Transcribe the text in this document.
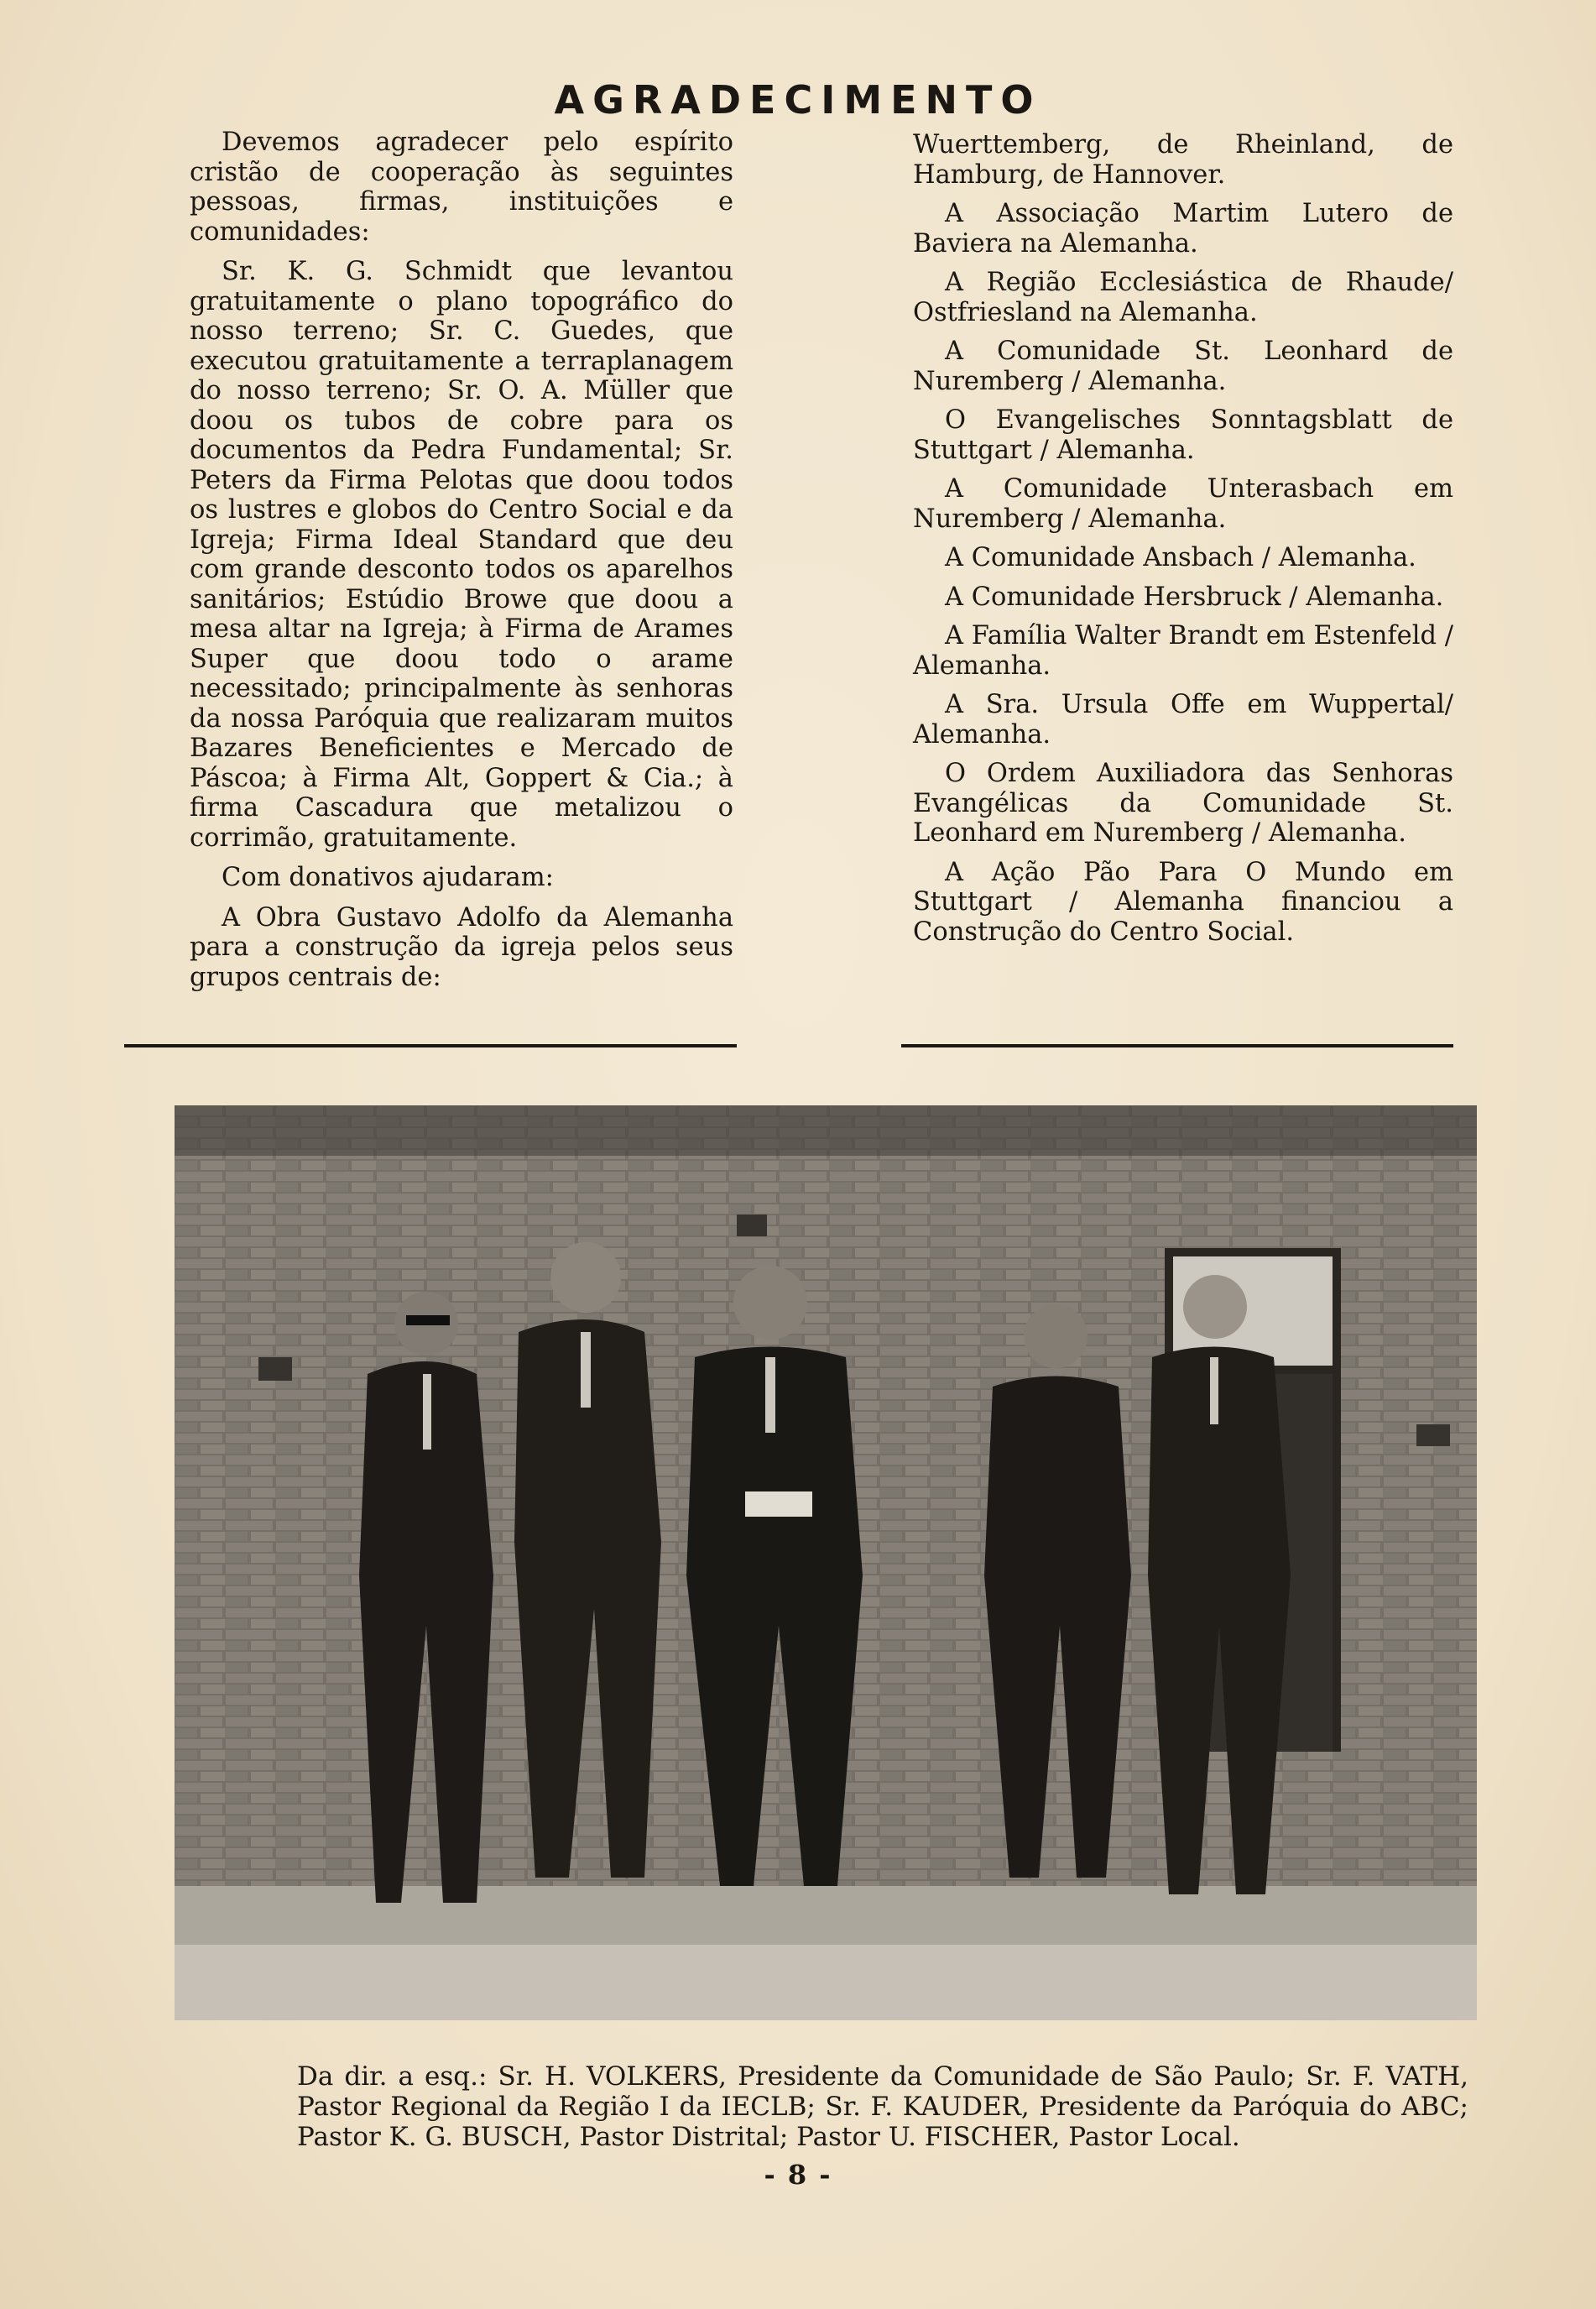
AGRADECIMENTO

Devemos agradecer pelo espírito cristão de cooperação às seguintes pessoas, firmas, instituições e comunidades:

Sr. K. G. Schmidt que levantou gratuitamente o plano topográfico do nosso terreno; Sr. C. Guedes, que executou gratuitamente a terraplanagem do nosso terreno; Sr. O. A. Müller que doou os tubos de cobre para os documentos da Pedra Fundamental; Sr. Peters da Firma Pelotas que doou todos os lustres e globos do Centro Social e da Igreja; Firma Ideal Standard que deu com grande desconto todos os aparelhos sanitários; Estúdio Browe que doou a mesa altar na Igreja; à Firma de Arames Super que doou todo o arame necessitado; principalmente às senhoras da nossa Paróquia que realizaram muitos Bazares Beneficientes e Mercado de Páscoa; à Firma Alt, Goppert & Cia.; à firma Cascadura que metalizou o corrimão, gratuitamente.

Com donativos ajudaram:

A Obra Gustavo Adolfo da Alemanha para a construção da igreja pelos seus grupos centrais de:

Wuerttemberg, de Rheinland, de Hamburg, de Hannover.

A Associação Martim Lutero de Baviera na Alemanha.

A Região Ecclesiástica de Rhaude/ Ostfriesland na Alemanha.

A Comunidade St. Leonhard de Nuremberg / Alemanha.

O Evangelisches Sonntagsblatt de Stuttgart / Alemanha.

A Comunidade Unterasbach em Nuremberg / Alemanha.

A Comunidade Ansbach / Alemanha.

A Comunidade Hersbruck / Alemanha.

A Família Walter Brandt em Estenfeld / Alemanha.

A Sra. Ursula Offe em Wuppertal/ Alemanha.

O Ordem Auxiliadora das Senhoras Evangélicas da Comunidade St. Leonhard em Nuremberg / Alemanha.

A Ação Pão Para O Mundo em Stuttgart / Alemanha financiou a Construção do Centro Social.

Da dir. a esq.: Sr. H. VOLKERS, Presidente da Comunidade de São Paulo; Sr. F. VATH, Pastor Regional da Região I da IECLB; Sr. F. KAUDER, Presidente da Paróquia do ABC; Pastor K. G. BUSCH, Pastor Distrital; Pastor U. FISCHER, Pastor Local.
- 8 -
